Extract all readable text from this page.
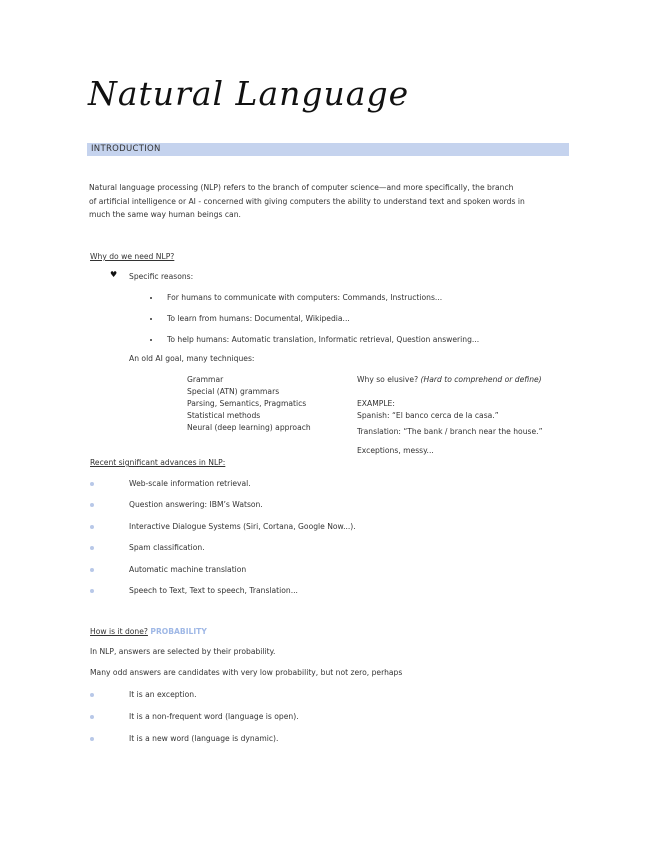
Natural Language
INTRODUCTION
Natural language processing (NLP) refers to the branch of computer science—and more specifically, the branch
of artificial intelligence or AI - concerned with giving computers the ability to understand text and spoken words in
much the same way human beings can.
Why do we need NLP?
♥ Specific reasons:
For humans to communicate with computers: Commands, Instructions...
To learn from humans: Documental, Wikipedia...
To help humans: Automatic translation, Informatic retrieval, Question answering...
An old AI goal, many techniques:
Grammar
Special (ATN) grammars
Parsing, Semantics, Pragmatics
Statistical methods
Neural (deep learning) approach
Why so elusive? (Hard to comprehend or define)
EXAMPLE:
Spanish: “El banco cerca de la casa.”
Translation: “The bank / branch near the house.”
Exceptions, messy...
Recent significant advances in NLP:
Web-scale information retrieval.
Question answering: IBM’s Watson.
Interactive Dialogue Systems (Siri, Cortana, Google Now...).
Spam classification.
Automatic machine translation
Speech to Text, Text to speech, Translation...
How is it done? PROBABILITY
In NLP, answers are selected by their probability.
Many odd answers are candidates with very low probability, but not zero, perhaps
It is an exception.
It is a non-frequent word (language is open).
It is a new word (language is dynamic).
